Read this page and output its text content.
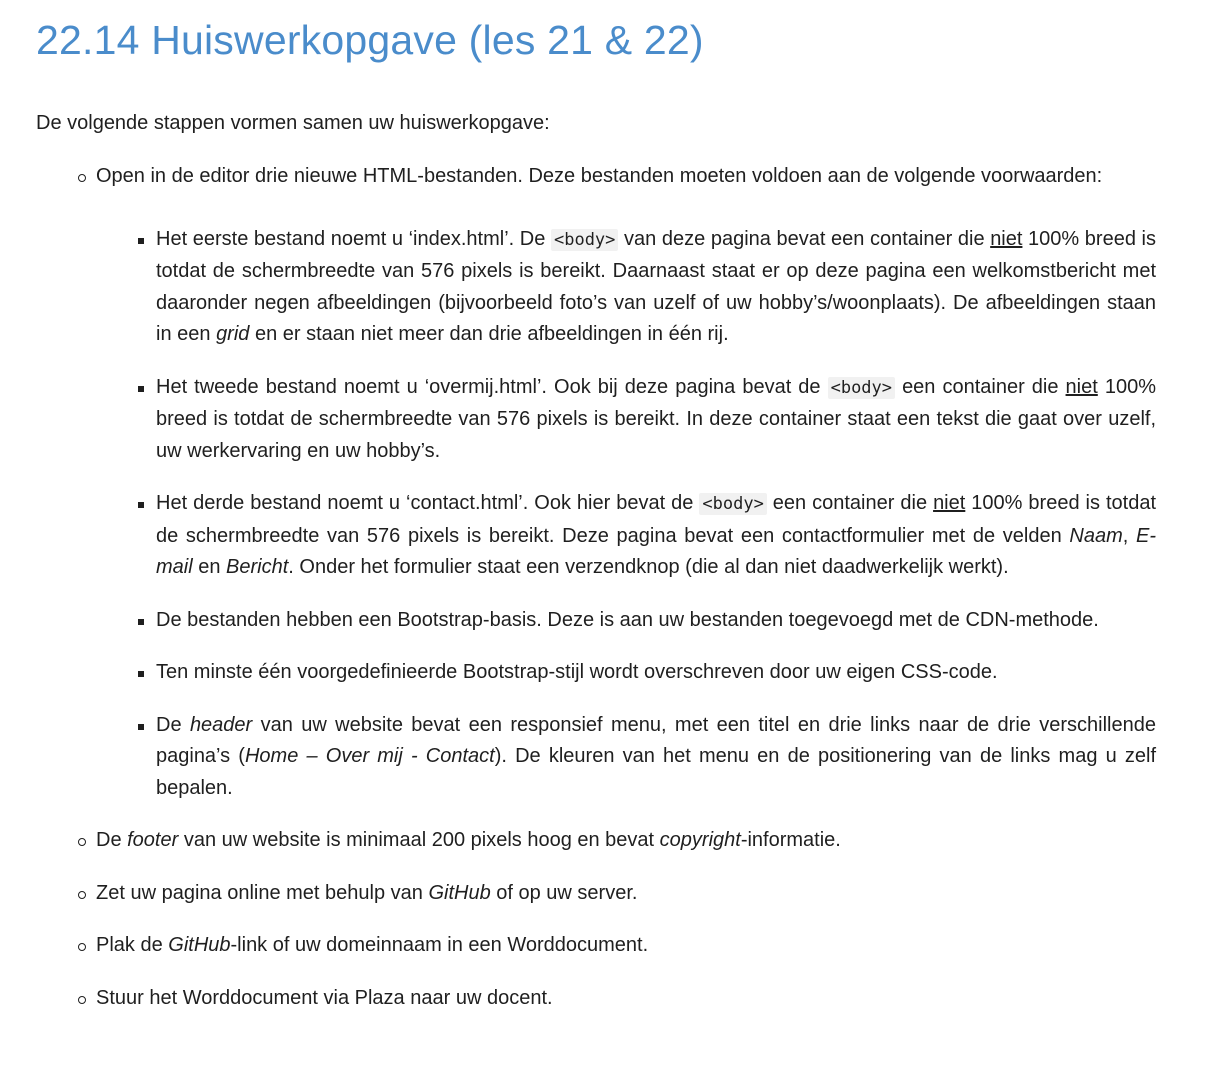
22.14 Huiswerkopgave (les 21 & 22)

De volgende stappen vormen samen uw huiswerkopgave:

Open in de editor drie nieuwe HTML-bestanden. Deze bestanden moeten voldoen aan de volgende voorwaarden:
Het eerste bestand noemt u ‘index.html’. De <body> van deze pagina bevat een container die niet 100% breed is totdat de schermbreedte van 576 pixels is bereikt. Daarnaast staat er op deze pagina een welkomstbericht met daaronder negen afbeeldingen (bijvoorbeeld foto’s van uzelf of uw hobby’s/woonplaats). De afbeeldingen staan in een grid en er staan niet meer dan drie afbeeldingen in één rij.
Het tweede bestand noemt u ‘overmij.html’. Ook bij deze pagina bevat de <body> een container die niet 100% breed is totdat de schermbreedte van 576 pixels is bereikt. In deze container staat een tekst die gaat over uzelf, uw werkervaring en uw hobby’s.
Het derde bestand noemt u ‘contact.html’. Ook hier bevat de <body> een container die niet 100% breed is totdat de schermbreedte van 576 pixels is bereikt. Deze pagina bevat een contactformulier met de velden Naam, E-mail en Bericht. Onder het formulier staat een verzendknop (die al dan niet daadwerkelijk werkt).
De bestanden hebben een Bootstrap-basis. Deze is aan uw bestanden toegevoegd met de CDN-methode.
Ten minste één voorgedefinieerde Bootstrap-stijl wordt overschreven door uw eigen CSS-code.
De header van uw website bevat een responsief menu, met een titel en drie links naar de drie verschillende pagina’s (Home – Over mij - Contact). De kleuren van het menu en de positionering van de links mag u zelf bepalen.
De footer van uw website is minimaal 200 pixels hoog en bevat copyright-informatie.
Zet uw pagina online met behulp van GitHub of op uw server.
Plak de GitHub-link of uw domeinnaam in een Worddocument.
Stuur het Worddocument via Plaza naar uw docent.
